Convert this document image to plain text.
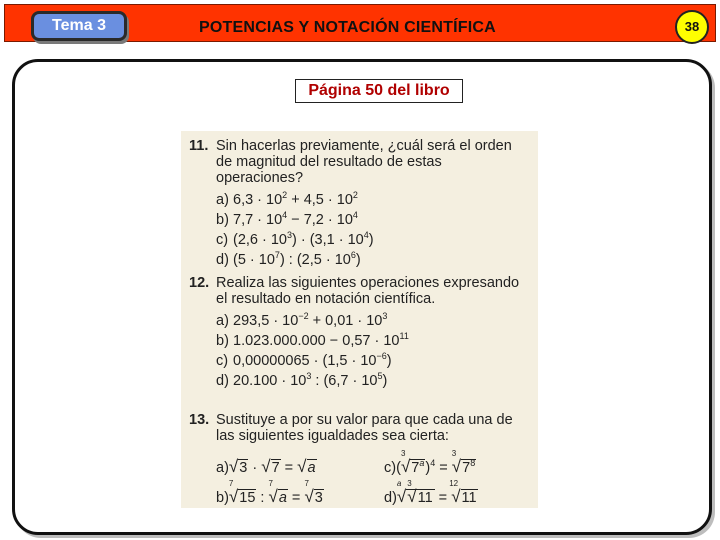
Tema 3	POTENCIAS Y NOTACIÓN CIENTÍFICA	38
Página 50 del libro
11. Sin hacerlas previamente, ¿cuál será el orden de magnitud del resultado de estas operaciones?
a) $6,3 \cdot 10^2 + 4,5 \cdot 10^2$
b) $7,7 \cdot 10^4 - 7,2 \cdot 10^4$
c) $(2,6 \cdot 10^3) \cdot (3,1 \cdot 10^4)$
d) $(5 \cdot 10^7)$ : $(2,5 \cdot 10^6)$
12. Realiza las siguientes operaciones expresando el resultado en notación científica.
a) $293,5 \cdot 10^{-2} + 0,01 \cdot 10^3$
b) $1.023.000.000 - 0,57 \cdot 10^{11}$
c) $0,00000065 \cdot (1,5 \cdot 10^{-6})$
d) $20.100 \cdot 10^3$ : $(6,7 \cdot 10^5)$
13. Sustituye a por su valor para que cada una de las siguientes igualdades sea cierta:
a)√3 · √7 = √a	c)(
3
$√7^a)^4$ =
3
$√7^8$
b)
7
√15 :
7
√a =
7
√3	d)
a
√
3
√11 =
12
√11
